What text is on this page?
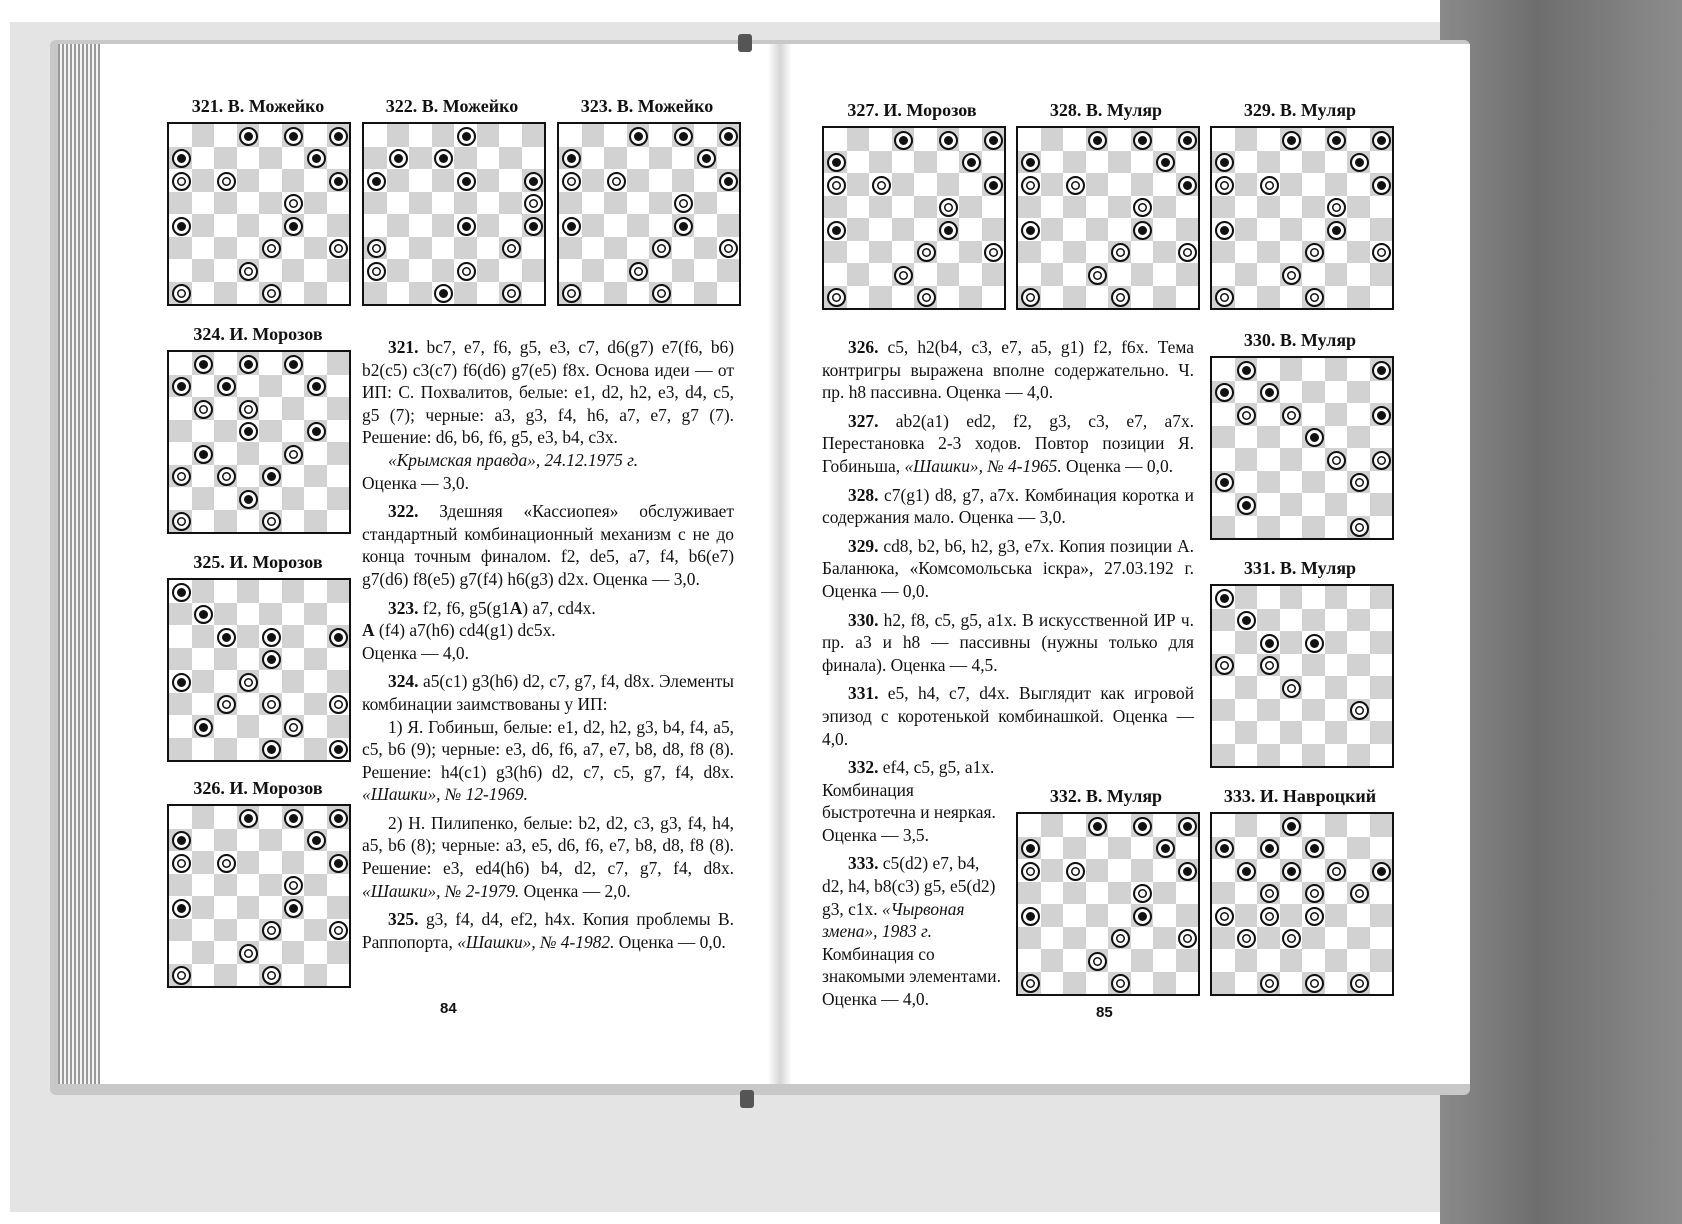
321. В. Можейко	322. В. Можейко	323. В. Можейко
324. И. Морозов
325. И. Морозов
326. И. Морозов

321. bc7, e7, f6, g5, e3, c7, d6(g7) e7(f6, b6) b2(c5) c3(c7) f6(d6) g7(e5) f8x. Основа идеи — от ИП: С. Похвалитов, белые: e1, d2, h2, e3, d4, c5, g5 (7); черные: a3, g3, f4, h6, a7, e7, g7 (7). Решение: d6, b6, f6, g5, e3, b4, c3x.

«Крымская правда», 24.12.1975 г.
Оценка — 3,0.

322. Здешняя «Кассиопея» обслуживает стандартный комбинационный механизм с не до конца точным финалом. f2, de5, a7, f4, b6(e7) g7(d6) f8(e5) g7(f4) h6(g3) d2x. Оценка — 3,0.

323. f2, f6, g5(g1A) a7, cd4x.
A (f4) a7(h6) cd4(g1) dc5x.
Оценка — 4,0.

324. a5(c1) g3(h6) d2, c7, g7, f4, d8x. Элементы комбинации заимствованы у ИП:

1) Я. Гобиньш, белые: e1, d2, h2, g3, b4, f4, a5, c5, b6 (9); черные: e3, d6, f6, a7, e7, b8, d8, f8 (8). Решение: h4(c1) g3(h6) d2, c7, c5, g7, f4, d8x. «Шашки», № 12-1969.

2) Н. Пилипенко, белые: b2, d2, c3, g3, f4, h4, a5, b6 (8); черные: a3, e5, d6, f6, e7, b8, d8, f8 (8). Решение: e3, ed4(h6) b4, d2, c7, g7, f4, d8x. «Шашки», № 2-1979. Оценка — 2,0.

325. g3, f4, d4, ef2, h4x. Копия проблемы В. Раппопорта, «Шашки», № 4-1982. Оценка — 0,0.

84
327. И. Морозов	328. В. Муляр	329. В. Муляр
330. В. Муляр
331. В. Муляр
332. В. Муляр	333. И. Навроцкий

326. c5, h2(b4, c3, e7, a5, g1) f2, f6x. Тема контригры выражена вполне содержательно. Ч. пр. h8 пассивна. Оценка — 4,0.

327. ab2(a1) ed2, f2, g3, c3, e7, a7x. Перестановка 2-3 ходов. Повтор позиции Я. Гобиньша, «Шашки», № 4-1965. Оценка — 0,0.

328. c7(g1) d8, g7, a7x. Комбинация коротка и содержания мало. Оценка — 3,0.

329. cd8, b2, b6, h2, g3, e7x. Копия позиции А. Баланюка, «Комсомольська іскра», 27.03.192 г. Оценка — 0,0.

330. h2, f8, c5, g5, a1x. В искусственной ИР ч. пр. a3 и h8 — пассивны (нужны только для финала). Оценка — 4,5.

331. e5, h4, c7, d4x. Выглядит как игровой эпизод с коротенькой комбинашкой. Оценка — 4,0.

332. ef4, c5, g5, a1x. Комбинация быстротечна и неяркая. Оценка — 3,5.

333. c5(d2) e7, b4, d2, h4, b8(c3) g5, e5(d2) g3, c1x. «Чырвоная змена», 1983 г. Комбинация со знакомыми элементами. Оценка — 4,0.

85
